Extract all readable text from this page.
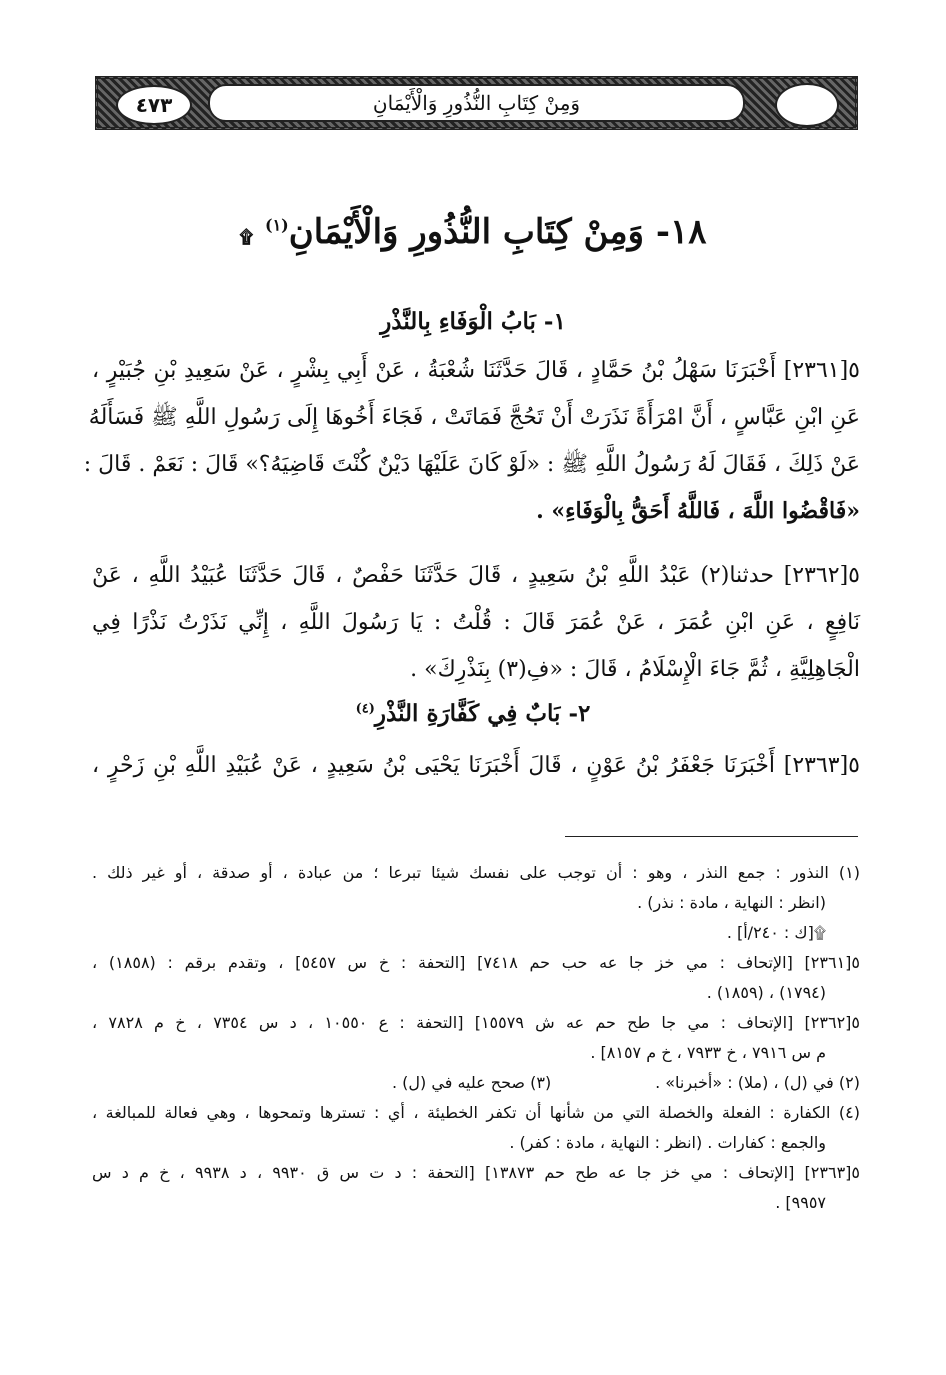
وَمِنْ كِتَابِ النُّذُورِ وَالْأَيْمَانِ
٤٧٣
١٨- وَمِنْ كِتَابِ النُّذُورِ وَالْأَيْمَانِ$^{(١)}$ ۩
١- بَابُ الْوَفَاءِ بِالنَّذْرِ
٥[٢٣٦١] أَخْبَرَنَا سَهْلُ بْنُ حَمَّادٍ ، قَالَ حَدَّثَنَا شُعْبَةُ ، عَنْ أَبِي بِشْرٍ ، عَنْ سَعِيدِ بْنِ جُبَيْرٍ ،
عَنِ ابْنِ عَبَّاسٍ ، أَنَّ امْرَأَةً نَذَرَتْ أَنْ تَحُجَّ فَمَاتَتْ ، فَجَاءَ أَخُوهَا إِلَى رَسُولِ اللَّهِ ﷺ فَسَأَلَهُ
عَنْ ذَلِكَ ، فَقَالَ لَهُ رَسُولُ اللَّهِ ﷺ : «لَوْ كَانَ عَلَيْهَا دَيْنٌ كُنْتَ قَاضِيَهُ؟» قَالَ : نَعَمْ . قَالَ :
«فَاقْضُوا اللَّهَ ، فَاللَّهُ أَحَقُّ بِالْوَفَاءِ» .
٥[٢٣٦٢] حدثنا(٢) عَبْدُ اللَّهِ بْنُ سَعِيدٍ ، قَالَ حَدَّثَنَا حَفْصٌ ، قَالَ حَدَّثَنَا عُبَيْدُ اللَّهِ ، عَنْ
نَافِعٍ ، عَنِ ابْنِ عُمَرَ ، عَنْ عُمَرَ قَالَ : قُلْتُ : يَا رَسُولَ اللَّهِ ، إِنِّي نَذَرْتُ نَذْرًا فِي
الْجَاهِلِيَّةِ ، ثُمَّ جَاءَ الْإِسْلَامُ ، قَالَ : «فِ(٣) بِنَذْرِكَ» .
٢- بَابٌ فِي كَفَّارَةِ النَّذْرِ$^{(٤)}$
٥[٢٣٦٣] أَخْبَرَنَا جَعْفَرُ بْنُ عَوْنٍ ، قَالَ أَخْبَرَنَا يَحْيَى بْنُ سَعِيدٍ ، عَنْ عُبَيْدِ اللَّهِ بْنِ زَحْرٍ ،
(١) النذور : جمع النذر ، وهو : أن توجب على نفسك شيئا تبرعا ؛ من عبادة ، أو صدقة ، أو غير ذلك .
(انظر : النهاية ، مادة : نذر) .
۩[ك : ٢٤٠/أ] .
٥[٢٣٦١] [الإتحاف : مي خز جا عه حب حم ٧٤١٨] [التحفة : خ س ٥٤٥٧] ، وتقدم برقم : (١٨٥٨) ،
(١٧٩٤) ، (١٨٥٩) .
٥[٢٣٦٢] [الإتحاف : مي جا طح حم عه ش ١٥٥٧٩] [التحفة : ع ١٠٥٥٠ ، د س ٧٣٥٤ ، خ م ٧٨٢٨ ،
م س ٧٩١٦ ، خ ٧٩٣٣ ، خ م ٨١٥٧] .
(٢) في (ل) ، (ملا) : «أخبرنا» .
(٣) صحح عليه في (ل) .
(٤) الكفارة : الفعلة والخصلة التي من شأنها أن تكفر الخطيئة ، أي : تسترها وتمحوها ، وهي فعالة للمبالغة ،
والجمع : كفارات . (انظر : النهاية ، مادة : كفر) .
٥[٢٣٦٣] [الإتحاف : مي خز جا عه طح حم ١٣٨٧٣] [التحفة : د ت س ق ٩٩٣٠ ، د ٩٩٣٨ ، خ م د س
٩٩٥٧] .
